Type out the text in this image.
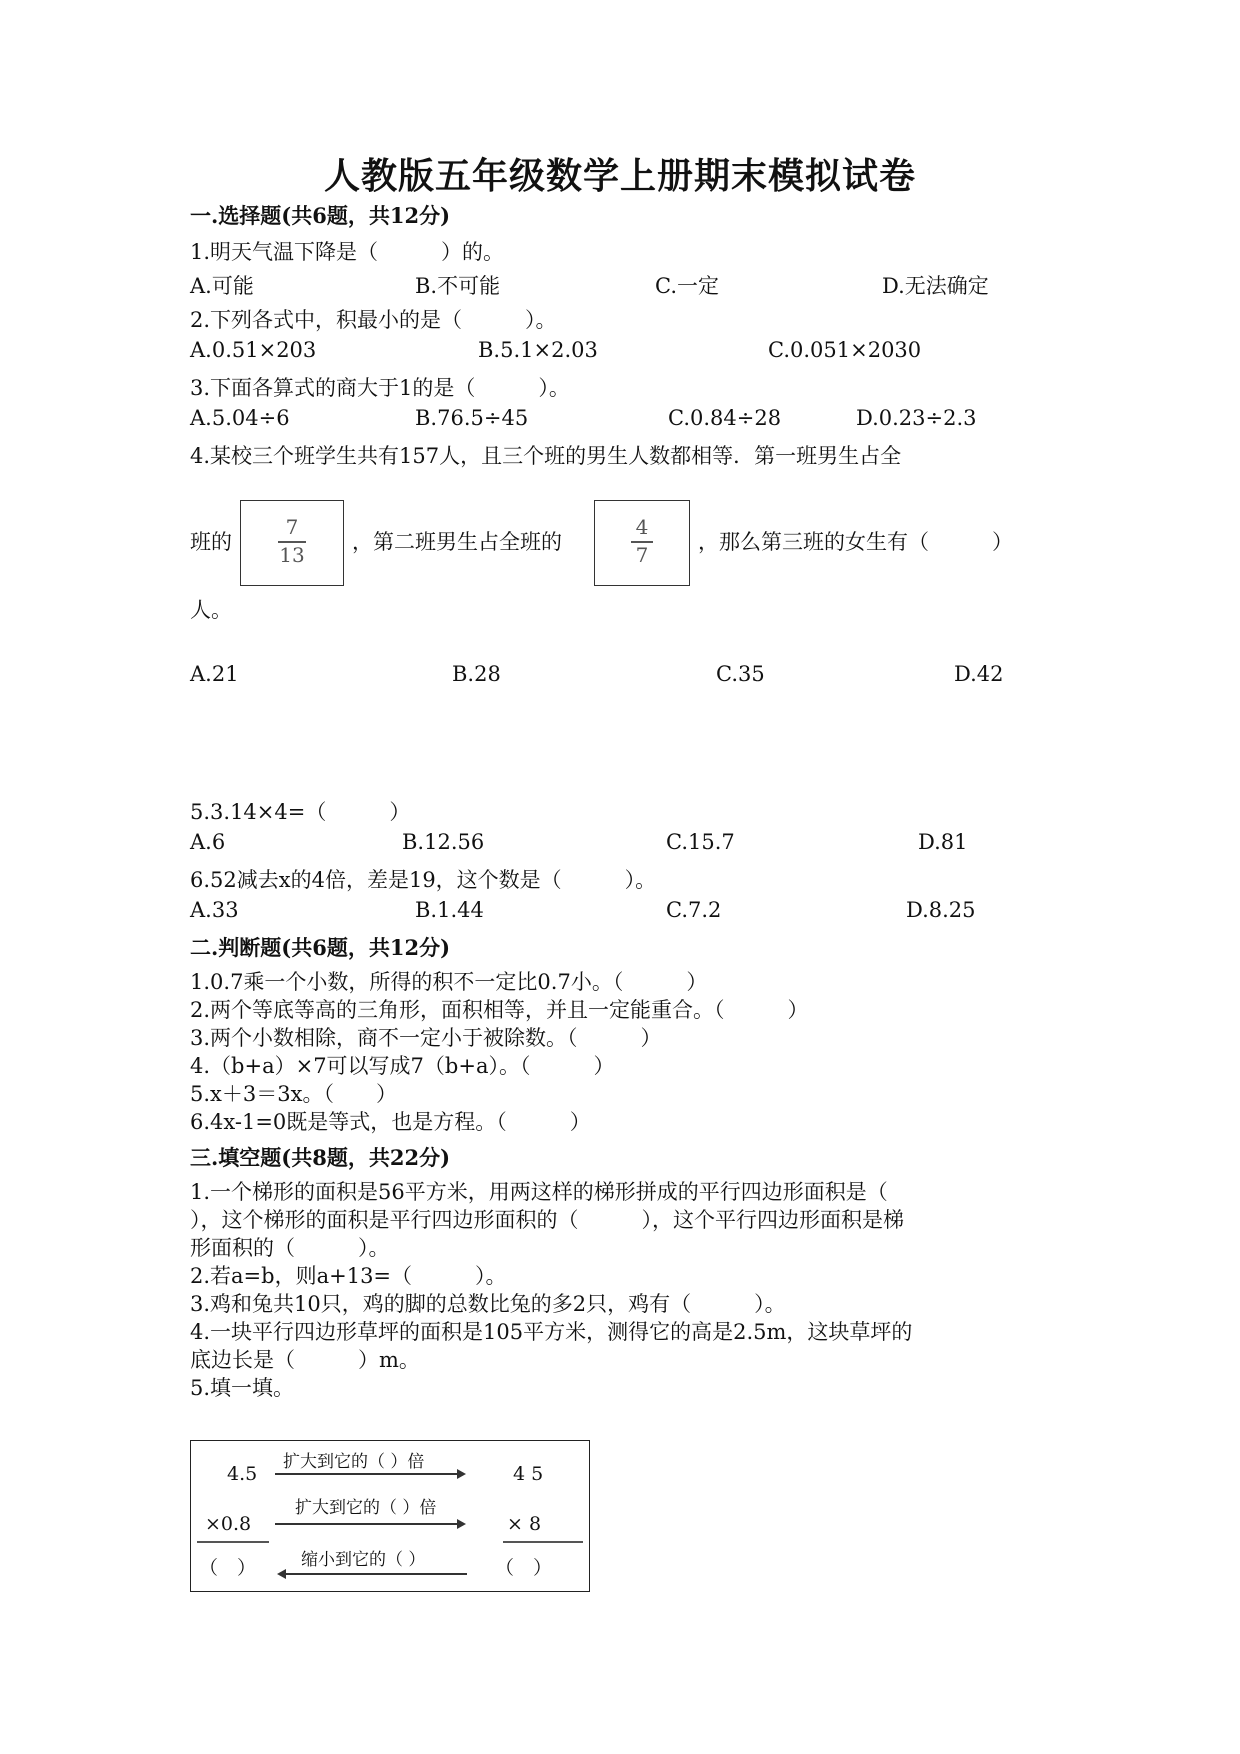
人教版五年级数学上册期末模拟试卷
一.选择题(共6题，共12分)
1.明天气温下降是（　　　）的。
A.可能	B.不可能	C.一定	D.无法确定
2.下列各式中，积最小的是（　　　）。
A.0.51×203	B.5.1×2.03	C.0.051×2030
3.下面各算式的商大于1的是（　　　）。
A.5.04÷6	B.76.5÷45	C.0.84÷28	D.0.23÷2.3
4.某校三个班学生共有157人，且三个班的男生人数都相等．第一班男生占全
班的
7
13
，第二班男生占全班的
4
7
，那么第三班的女生有（　　　）
人。
A.21	B.28	C.35	D.42
5.3.14×4=（　　　）
A.6	B.12.56	C.15.7	D.81
6.52减去x的4倍，差是19，这个数是（　　　）。
A.33	B.1.44	C.7.2	D.8.25
二.判断题(共6题，共12分)
1.0.7乘一个小数，所得的积不一定比0.7小。（　　　）
2.两个等底等高的三角形，面积相等，并且一定能重合。（　　　）
3.两个小数相除，商不一定小于被除数。（　　　）
4.（b+a）×7可以写成7（b+a）。（　　　）
5.x＋3＝3x。（　　）
6.4x-1=0既是等式，也是方程。（　　　）
三.填空题(共8题，共22分)
1.一个梯形的面积是56平方米，用两这样的梯形拼成的平行四边形面积是（
），这个梯形的面积是平行四边形面积的（　　　），这个平行四边形面积是梯
形面积的（　　　）。
2.若a=b，则a+13=（　　　）。
3.鸡和兔共10只，鸡的脚的总数比兔的多2只，鸡有（　　　）。
4.一块平行四边形草坪的面积是105平方米，测得它的高是2.5m，这块草坪的
底边长是（　　　）m。
5.填一填。
4.5
扩大到它的（ ）倍
4 5
×0.8
扩大到它的（ ）倍
× 8
（　）	缩小到它的（ ）	（　）
